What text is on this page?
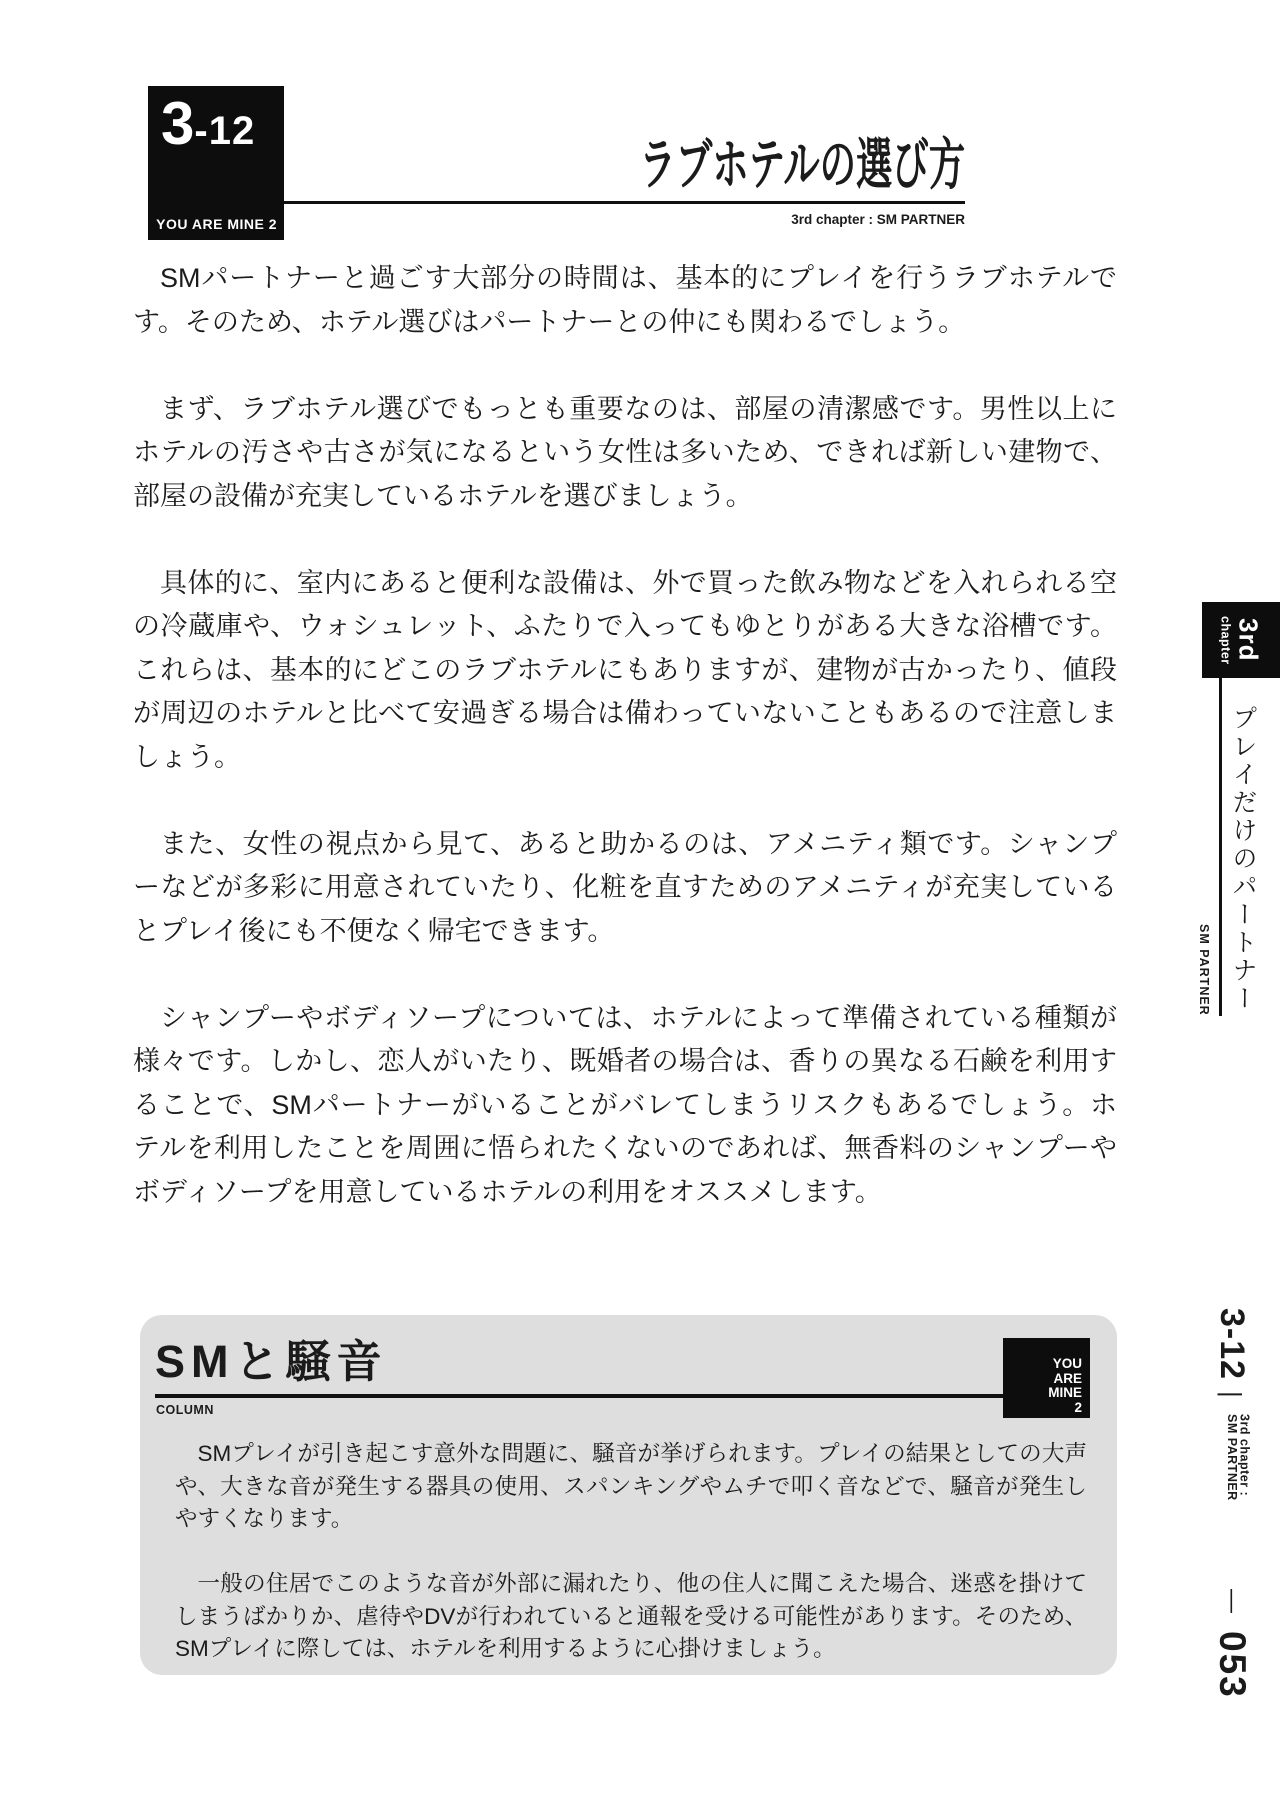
3 -12
YOU ARE MINE 2
ラブホテルの選び方
3rd chapter : SM PARTNER

SMパートナーと過ごす大部分の時間は、基本的にプレイを行うラブホテルです。そのため、ホテル選びはパートナーとの仲にも関わるでしょう。

まず、ラブホテル選びでもっとも重要なのは、部屋の清潔感です。男性以上にホテルの汚さや古さが気になるという女性は多いため、できれば新しい建物で、部屋の設備が充実しているホテルを選びましょう。

具体的に、室内にあると便利な設備は、外で買った飲み物などを入れられる空の冷蔵庫や、ウォシュレット、ふたりで入ってもゆとりがある大きな浴槽です。これらは、基本的にどこのラブホテルにもありますが、建物が古かったり、値段が周辺のホテルと比べて安過ぎる場合は備わっていないこともあるので注意しましょう。

また、女性の視点から見て、あると助かるのは、アメニティ類です。シャンプーなどが多彩に用意されていたり、化粧を直すためのアメニティが充実しているとプレイ後にも不便なく帰宅できます。

シャンプーやボディソープについては、ホテルによって準備されている種類が様々です。しかし、恋人がいたり、既婚者の場合は、香りの異なる石鹸を利用することで、SMパートナーがいることがバレてしまうリスクもあるでしょう。ホテルを利用したことを周囲に悟られたくないのであれば、無香料のシャンプーやボディソープを用意しているホテルの利用をオススメします。

3rd
chapter
プレイだけのパートナー
SM PARTNER
SMと騒音
COLUMN
YOU
ARE
MINE
2

SMプレイが引き起こす意外な問題に、騒音が挙げられます。プレイの結果としての大声や、大きな音が発生する器具の使用、スパンキングやムチで叩く音などで、騒音が発生しやすくなります。

一般の住居でこのような音が外部に漏れたり、他の住人に聞こえた場合、迷惑を掛けてしまうばかりか、虐待やDVが行われていると通報を受ける可能性があります。そのため、SMプレイに際しては、ホテルを利用するように心掛けましょう。

3-12 |
3rd chapter :
SM PARTNER
— 053
